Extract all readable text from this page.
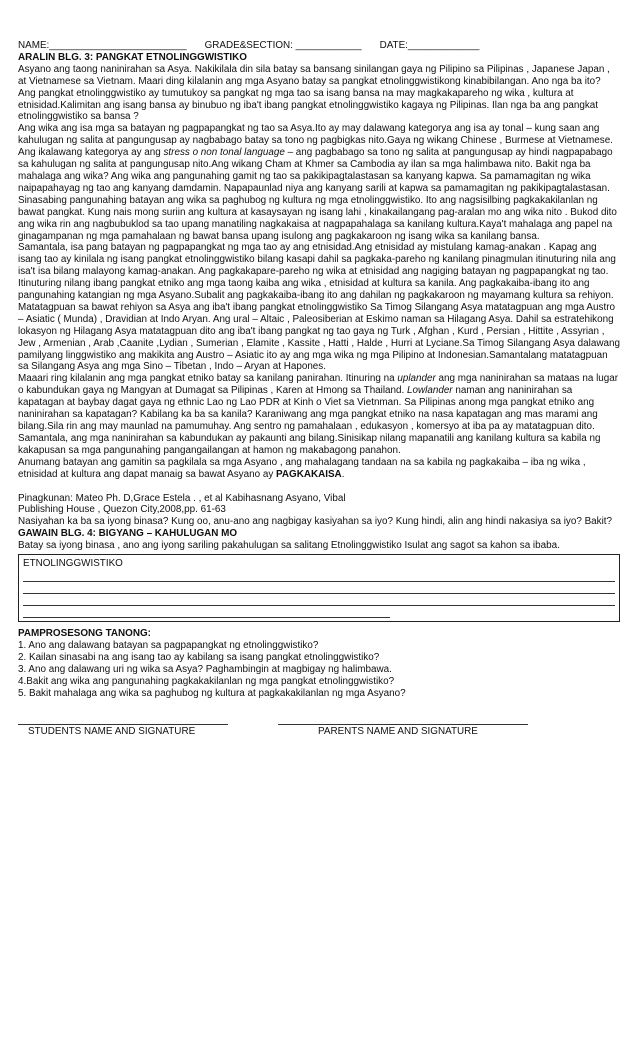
NAME:_________________________ GRADE&SECTION: ____________ DATE:_____________

ARALIN BLG. 3: PANGKAT ETNOLINGGWISTIKO

Asyano ang taong naninirahan sa Asya. Nakikilala din sila batay sa bansang sinilangan gaya ng Pilipino sa Pilipinas , Japanese Japan , at Vietnamese sa Vietnam. Maari ding kilalanin ang mga Asyano batay sa pangkat etnolinggwistikong kinabibilangan. Ano nga ba ito? Ang pangkat etnolinggwistiko ay tumutukoy sa pangkat ng mga tao sa isang bansa na may magkakapareho ng wika , kultura at etnisidad.Kalimitan ang isang bansa ay binubuo ng iba't ibang pangkat etnolinggwistiko kagaya ng Pilipinas. Ilan nga ba ang pangkat etnolinggwistiko sa bansa ?

Ang wika ang isa mga sa batayan ng pagpapangkat ng tao sa Asya.Ito ay may dalawang kategorya ang isa ay tonal – kung saan ang kahulugan ng salita at pangungusap ay nagbabago batay sa tono ng pagbigkas nito.Gaya ng wikang Chinese , Burmese at Vietnamese. Ang ikalawang kategorya ay ang stress o non tonal language – ang pagbabago sa tono ng salita at pangungusap ay hindi nagpapabago sa kahulugan ng salita at pangungusap nito.Ang wikang Cham at Khmer sa Cambodia ay ilan sa mga halimbawa nito. Bakit nga ba mahalaga ang wika? Ang wika ang pangunahing gamit ng tao sa pakikipagtalastasan sa kanyang kapwa. Sa pamamagitan ng wika naipapahayag ng tao ang kanyang damdamin. Napapaunlad niya ang kanyang sarili at kapwa sa pamamagitan ng pakikipagtalastasan. Sinasabing pangunahing batayan ang wika sa paghubog ng kultura ng mga etnolinggwistiko. Ito ang nagsisilbing pagkakakilanlan ng bawat pangkat. Kung nais mong suriin ang kultura at kasaysayan ng isang lahi , kinakailangang pag-aralan mo ang wika nito . Bukod dito ang wika rin ang nagbubuklod sa tao upang manatiling nagkakaisa at nagpapahalaga sa kanilang kultura.Kaya't mahalaga ang papel na ginagampanan ng mga pamahalaan ng bawat bansa upang isulong ang pagkakaroon ng isang wika sa kanilang bansa.

Samantala, isa pang batayan ng pagpapangkat ng mga tao ay ang etnisidad.Ang etnisidad ay mistulang kamag-anakan . Kapag ang isang tao ay kinilala ng isang pangkat etnolinggwistiko bilang kasapi dahil sa pagkaka-pareho ng kanilang pinagmulan itinuturing nila ang isa't isa bilang malayong kamag-anakan. Ang pagkakapare-pareho ng wika at etnisidad ang nagiging batayan ng pagpapangkat ng tao. Itinuturing nilang ibang pangkat etniko ang mga taong kaiba ang wika , etnisidad at kultura sa kanila. Ang pagkakaiba-ibang ito ang pangunahing katangian ng mga Asyano.Subalit ang pagkakaiba-ibang ito ang dahilan ng pagkakaroon ng mayamang kultura sa rehiyon. Matatagpuan sa bawat rehiyon sa Asya ang iba't ibang pangkat etnolinggwistiko Sa Timog Silangang Asya matatagpuan ang mga Austro – Asiatic ( Munda) , Dravidian at Indo Aryan. Ang ural – Altaic , Paleosiberian at Eskimo naman sa Hilagang Asya. Dahil sa estratehikong lokasyon ng Hilagang Asya matatagpuan dito ang iba't ibang pangkat ng tao gaya ng Turk , Afghan , Kurd , Persian , Hittite , Assyrian , Jew , Armenian , Arab ,Caanite ,Lydian , Sumerian , Elamite , Kassite , Hatti , Halde , Hurri at Lyciane.Sa Timog Silangang Asya dalawang pamilyang linggwistiko ang makikita ang Austro – Asiatic ito ay ang mga wika ng mga Pilipino at Indonesian.Samantalang matatagpuan sa Silangang Asya ang mga Sino – Tibetan , Indo – Aryan at Hapones.

Maaari ring kilalanin ang mga pangkat etniko batay sa kanilang panirahan. Itinuring na uplander ang mga naninirahan sa mataas na lugar o kabundukan gaya ng Mangyan at Dumagat sa Pilipinas , Karen at Hmong sa Thailand. Lowlander naman ang naninirahan sa kapatagan at baybay dagat gaya ng ethnic Lao ng Lao PDR at Kinh o Viet sa Vietnman. Sa Pilipinas anong mga pangkat etniko ang naninirahan sa kapatagan? Kabilang ka ba sa kanila? Karaniwang ang mga pangkat etniko na nasa kapatagan ang mas marami ang bilang.Sila rin ang may maunlad na pamumuhay. Ang sentro ng pamahalaan , edukasyon , komersyo at iba pa ay matatagpuan dito. Samantala, ang mga naninirahan sa kabundukan ay pakaunti ang bilang.Sinisikap nilang mapanatili ang kanilang kultura sa kabila ng kakapusan sa mga pangunahing pangangailangan at hamon ng makabagong panahon.

Anumang batayan ang gamitin sa pagkilala sa mga Asyano , ang mahalagang tandaan na sa kabila ng pagkakaiba – iba ng wika , etnisidad at kultura ang dapat manaig sa bawat Asyano ay PAGKAKAISA.

Pinagkunan: Mateo Ph. D,Grace Estela . , et al Kabihasnang Asyano, Vibal

Publishing House , Quezon City,2008,pp. 61-63

Nasiyahan ka ba sa iyong binasa? Kung oo, anu-ano ang nagbigay kasiyahan sa iyo? Kung hindi, alin ang hindi nakasiya sa iyo? Bakit?

GAWAIN BLG. 4: BIGYANG – KAHULUGAN MO

Batay sa iyong binasa , ano ang iyong sariling pakahulugan sa salitang Etnolinggwistiko Isulat ang sagot sa kahon sa ibaba.

ETNOLINGGWISTIKO

PAMPROSESONG TANONG:

1. Ano ang dalawang batayan sa pagpapangkat ng etnolinggwistiko?

2. Kailan sinasabi na ang isang tao ay kabilang sa isang pangkat etnolinggwistiko?

3. Ano ang dalawang uri ng wika sa Asya? Paghambingin at magbigay ng halimbawa.

4.Bakit ang wika ang pangunahing pagkakakilanlan ng mga pangkat etnolinggwistiko?

5. Bakit mahalaga ang wika sa paghubog ng kultura at pagkakakilanlan ng mga Asyano?

STUDENTS NAME AND SIGNATURE	PARENTS NAME AND SIGNATURE
